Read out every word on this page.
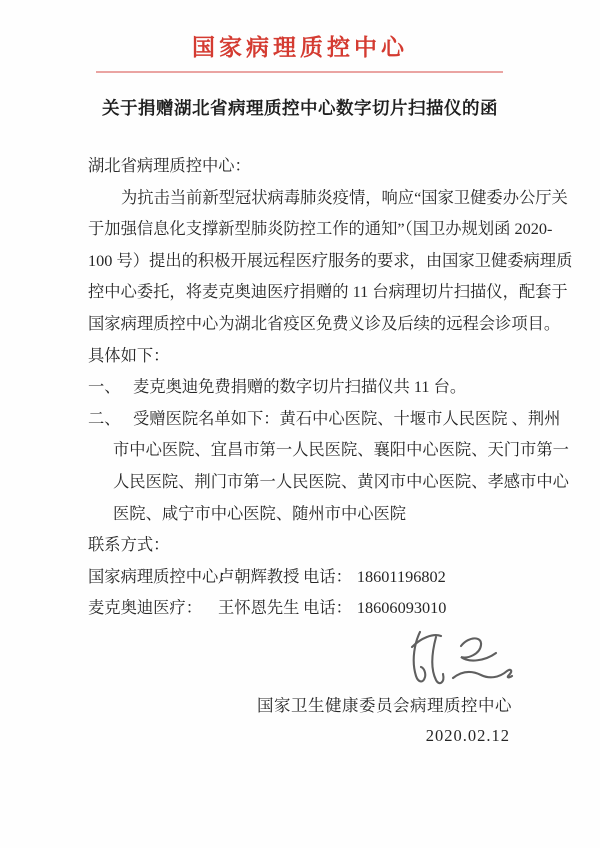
国家病理质控中心
关于捐赠湖北省病理质控中心数字切片扫描仪的函
湖北省病理质控中心：
为抗击当前新型冠状病毒肺炎疫情，响应“国家卫健委办公厅关
于加强信息化支撑新型肺炎防控工作的通知”（国卫办规划函 2020-
100 号）提出的积极开展远程医疗服务的要求，由国家卫健委病理质
控中心委托，将麦克奥迪医疗捐赠的 11 台病理切片扫描仪，配套于
国家病理质控中心为湖北省疫区免费义诊及后续的远程会诊项目。
具体如下：
一、 麦克奥迪免费捐赠的数字切片扫描仪共 11 台。
二、 受赠医院名单如下：黄石中心医院、十堰市人民医院 、荆州
市中心医院、宜昌市第一人民医院、襄阳中心医院、天门市第一
人民医院、荆门市第一人民医院、黄冈市中心医院、孝感市中心
医院、咸宁市中心医院、随州市中心医院
联系方式：
国家病理质控中心：卢朝辉教授 电话： 18601196802
麦克奥迪医疗： 王怀恩先生 电话： 18606093010
国家卫生健康委员会病理质控中心
2020.02.12
